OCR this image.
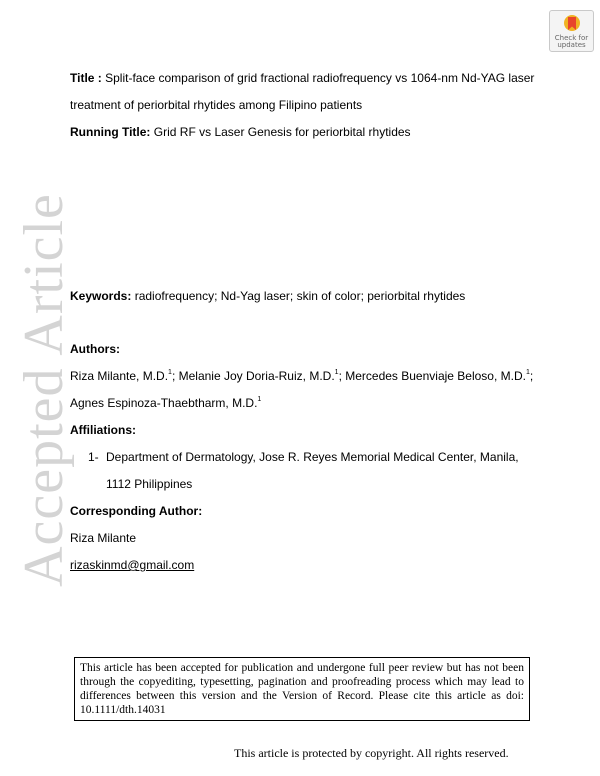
Check for
updates
Accepted Article
Title : Split-face comparison of grid fractional radiofrequency vs 1064-nm Nd-YAG laser
treatment of periorbital rhytides among Filipino patients
Running Title: Grid RF vs Laser Genesis for periorbital rhytides
Keywords: radiofrequency; Nd-Yag laser; skin of color; periorbital rhytides
Authors:
Riza Milante, M.D.$^1$; Melanie Joy Doria-Ruiz, M.D.$^1$; Mercedes Buenviaje Beloso, M.D.$^1$;
Agnes Espinoza-Thaebtharm, M.D.$^1$
Affiliations:
1- Department of Dermatology, Jose R. Reyes Memorial Medical Center, Manila,
1112 Philippines
Corresponding Author:
Riza Milante
rizaskinmd@gmail.com
This article has been accepted for publication and undergone full peer review but has not been through the copyediting, typesetting, pagination and proofreading process which may lead to differences between this version and the Version of Record. Please cite this article as doi: 10.1111/dth.14031
This article is protected by copyright. All rights reserved.
